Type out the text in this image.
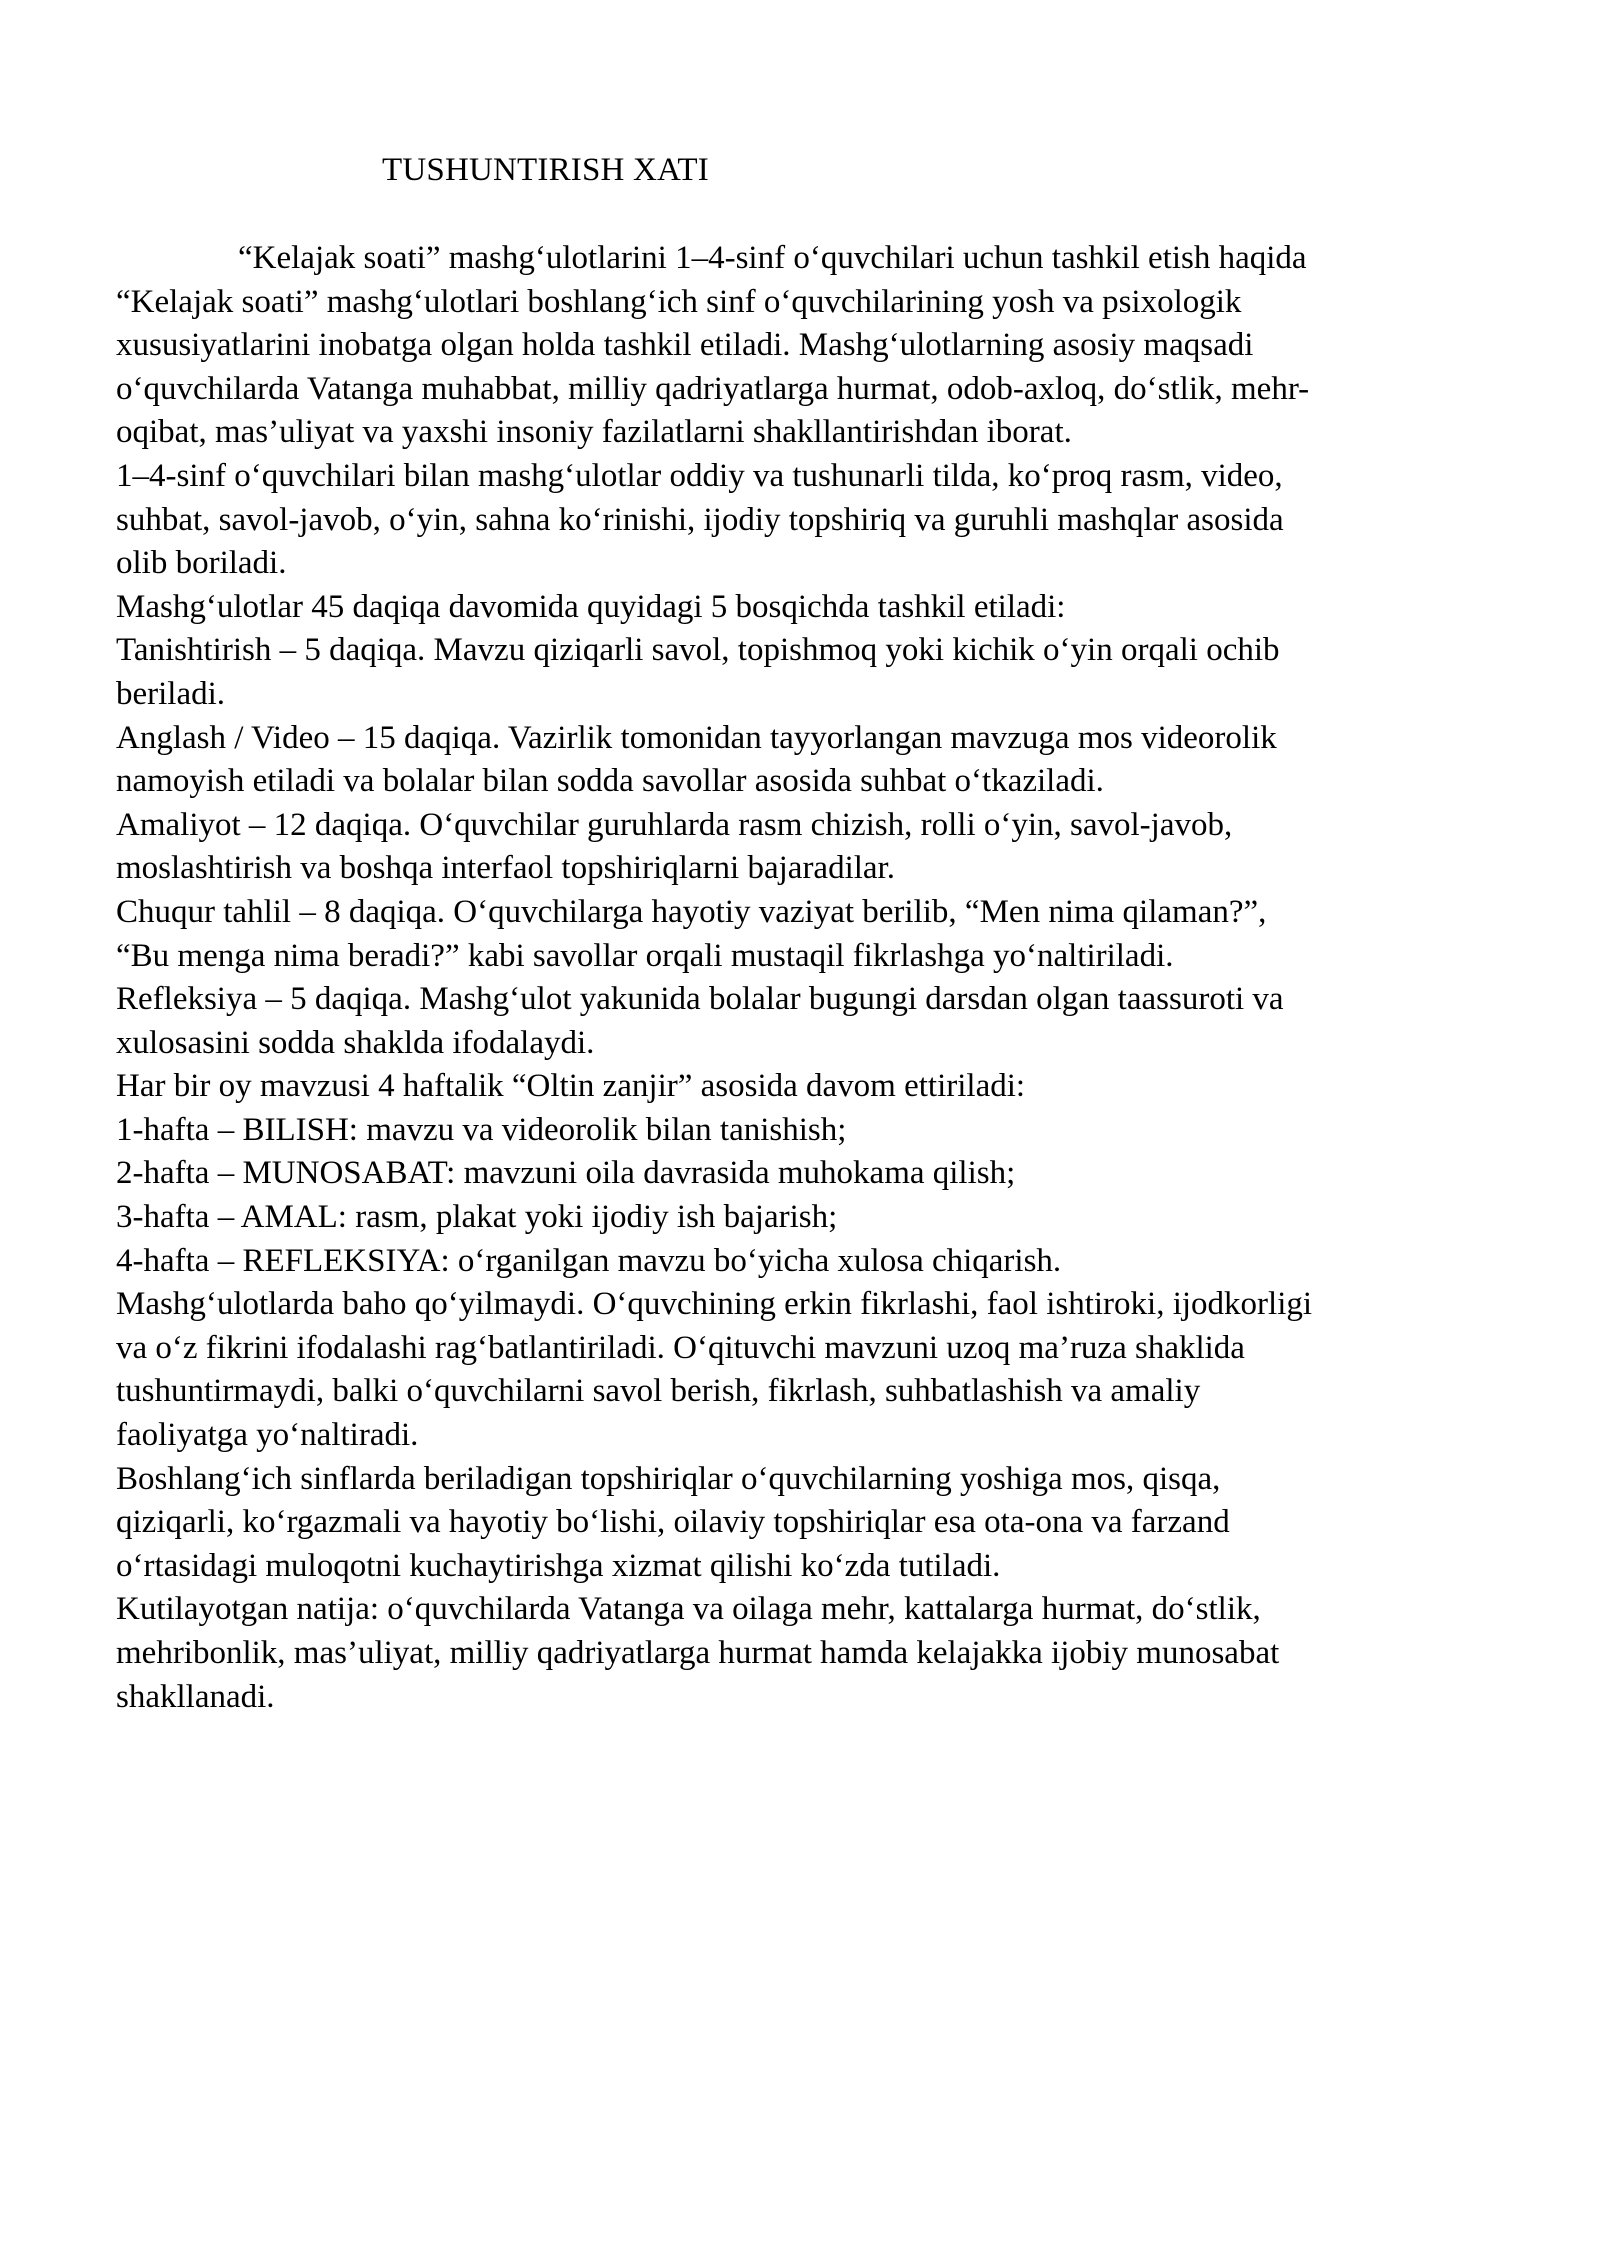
TUSHUNTIRISH XATI

“Kelajak soati” mashg‘ulotlarini 1–4-sinf o‘quvchilari uchun tashkil etish haqida

“Kelajak soati” mashg‘ulotlari boshlang‘ich sinf o‘quvchilarining yosh va psixologik

xususiyatlarini inobatga olgan holda tashkil etiladi. Mashg‘ulotlarning asosiy maqsadi

o‘quvchilarda Vatanga muhabbat, milliy qadriyatlarga hurmat, odob-axloq, do‘stlik, mehr-

oqibat, mas’uliyat va yaxshi insoniy fazilatlarni shakllantirishdan iborat.

1–4-sinf o‘quvchilari bilan mashg‘ulotlar oddiy va tushunarli tilda, ko‘proq rasm, video,

suhbat, savol-javob, o‘yin, sahna ko‘rinishi, ijodiy topshiriq va guruhli mashqlar asosida

olib boriladi.

Mashg‘ulotlar 45 daqiqa davomida quyidagi 5 bosqichda tashkil etiladi:

Tanishtirish – 5 daqiqa. Mavzu qiziqarli savol, topishmoq yoki kichik o‘yin orqali ochib

beriladi.

Anglash / Video – 15 daqiqa. Vazirlik tomonidan tayyorlangan mavzuga mos videorolik

namoyish etiladi va bolalar bilan sodda savollar asosida suhbat o‘tkaziladi.

Amaliyot – 12 daqiqa. O‘quvchilar guruhlarda rasm chizish, rolli o‘yin, savol-javob,

moslashtirish va boshqa interfaol topshiriqlarni bajaradilar.

Chuqur tahlil – 8 daqiqa. O‘quvchilarga hayotiy vaziyat berilib, “Men nima qilaman?”,

“Bu menga nima beradi?” kabi savollar orqali mustaqil fikrlashga yo‘naltiriladi.

Refleksiya – 5 daqiqa. Mashg‘ulot yakunida bolalar bugungi darsdan olgan taassuroti va

xulosasini sodda shaklda ifodalaydi.

Har bir oy mavzusi 4 haftalik “Oltin zanjir” asosida davom ettiriladi:

1-hafta – BILISH: mavzu va videorolik bilan tanishish;

2-hafta – MUNOSABAT: mavzuni oila davrasida muhokama qilish;

3-hafta – AMAL: rasm, plakat yoki ijodiy ish bajarish;

4-hafta – REFLEKSIYA: o‘rganilgan mavzu bo‘yicha xulosa chiqarish.

Mashg‘ulotlarda baho qo‘yilmaydi. O‘quvchining erkin fikrlashi, faol ishtiroki, ijodkorligi

va o‘z fikrini ifodalashi rag‘batlantiriladi. O‘qituvchi mavzuni uzoq ma’ruza shaklida

tushuntirmaydi, balki o‘quvchilarni savol berish, fikrlash, suhbatlashish va amaliy

faoliyatga yo‘naltiradi.

Boshlang‘ich sinflarda beriladigan topshiriqlar o‘quvchilarning yoshiga mos, qisqa,

qiziqarli, ko‘rgazmali va hayotiy bo‘lishi, oilaviy topshiriqlar esa ota-ona va farzand

o‘rtasidagi muloqotni kuchaytirishga xizmat qilishi ko‘zda tutiladi.

Kutilayotgan natija: o‘quvchilarda Vatanga va oilaga mehr, kattalarga hurmat, do‘stlik,

mehribonlik, mas’uliyat, milliy qadriyatlarga hurmat hamda kelajakka ijobiy munosabat

shakllanadi.
